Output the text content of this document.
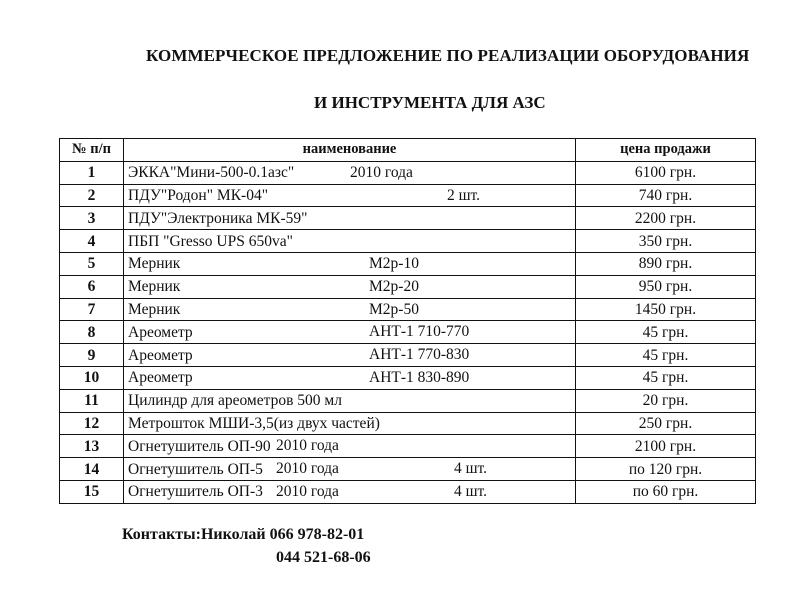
КОММЕРЧЕСКОЕ ПРЕДЛОЖЕНИЕ ПО РЕАЛИЗАЦИИ ОБОРУДОВАНИЯ
И ИНСТРУМЕНТА ДЛЯ АЗС
№ п/п	наименование	цена продажи
1	ЭККА"Мини-500-0.1азс" 2010 года	6100 грн.
2	ПДУ"Родон" МК-04" 2 шт.	740 грн.
3	ПДУ"Электроника МК-59"	2200 грн.
4	ПБП "Gresso UPS 650va"	350 грн.
5	Мерник М2р-10	890 грн.
6	Мерник М2р-20	950 грн.
7	Мерник М2р-50	1450 грн.
8	Ареометр АНТ-1 710-770	45 грн.
9	Ареометр АНТ-1 770-830	45 грн.
10	Ареометр АНТ-1 830-890	45 грн.
11	Цилиндр для ареометров 500 мл	20 грн.
12	Метрошток МШИ-3,5(из двух частей)	250 грн.
13	Огнетушитель ОП-90 2010 года	2100 грн.
14	Огнетушитель ОП-5 2010 года 4 шт.	по 120 грн.
15	Огнетушитель ОП-3 2010 года 4 шт.	по 60 грн.
Контакты:Николай 066 978-82-01
044 521-68-06
